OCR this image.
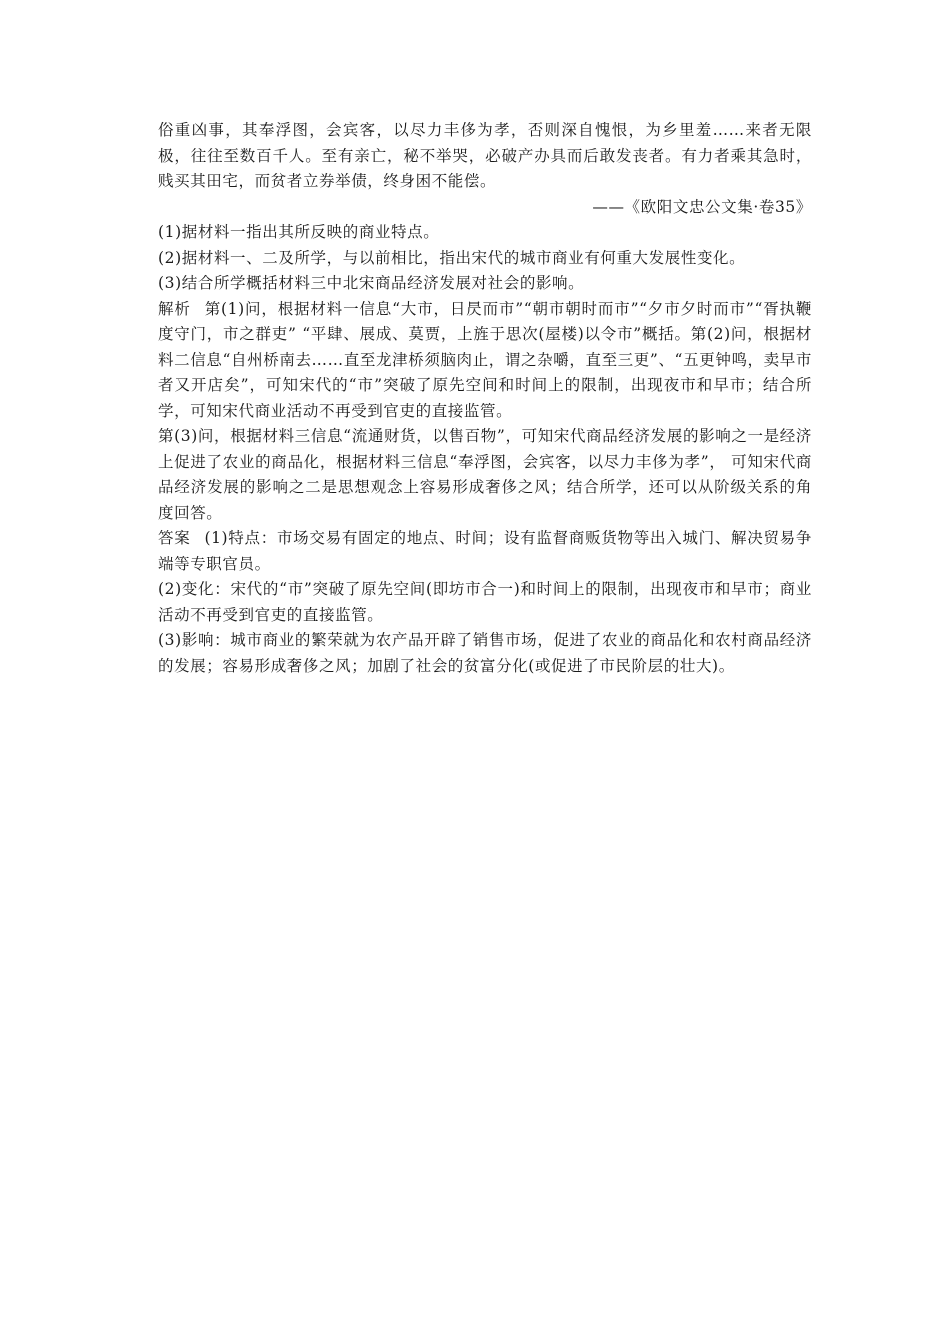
俗重凶事，其奉浮图，会宾客，以尽力丰侈为孝，否则深自愧恨，为乡里羞……来者无限极，往往至数百千人。至有亲亡，秘不举哭，必破产办具而后敢发丧者。有力者乘其急时，贱买其田宅，而贫者立券举债，终身困不能偿。

——《欧阳文忠公文集·卷35》

(1)据材料一指出其所反映的商业特点。

(2)据材料一、二及所学，与以前相比，指出宋代的城市商业有何重大发展性变化。

(3)结合所学概括材料三中北宋商品经济发展对社会的影响。

解析 第(1)问，根据材料一信息“大市，日昃而市”“朝市朝时而市”“夕市夕时而市”“胥执鞭度守门，市之群吏” “平肆、展成、莫贾，上旌于思次(屋楼)以令市”概括。第(2)问，根据材料二信息“自州桥南去……直至龙津桥须脑肉止，谓之杂嚼，直至三更”、“五更钟鸣，卖早市者又开店矣”，可知宋代的“市”突破了原先空间和时间上的限制，出现夜市和早市；结合所学，可知宋代商业活动不再受到官吏的直接监管。

第(3)问，根据材料三信息“流通财货，以售百物”，可知宋代商品经济发展的影响之一是经济上促进了农业的商品化，根据材料三信息“奉浮图，会宾客，以尽力丰侈为孝”， 可知宋代商品经济发展的影响之二是思想观念上容易形成奢侈之风；结合所学，还可以从阶级关系的角度回答。

答案 (1)特点：市场交易有固定的地点、时间；设有监督商贩货物等出入城门、解决贸易争端等专职官员。

(2)变化：宋代的“市”突破了原先空间(即坊市合一)和时间上的限制，出现夜市和早市；商业活动不再受到官吏的直接监管。

(3)影响：城市商业的繁荣就为农产品开辟了销售市场，促进了农业的商品化和农村商品经济的发展；容易形成奢侈之风；加剧了社会的贫富分化(或促进了市民阶层的壮大)。
